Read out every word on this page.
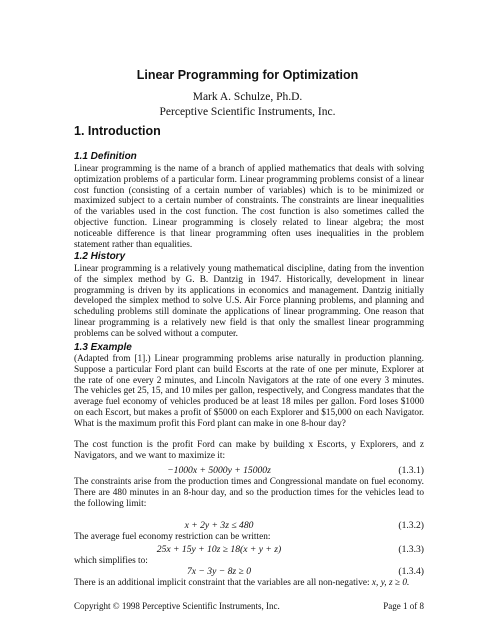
Linear Programming for Optimization
Mark A. Schulze, Ph.D.
Perceptive Scientific Instruments, Inc.
1. Introduction
1.1 Definition
Linear programming is the name of a branch of applied mathematics that deals with solving optimization problems of a particular form. Linear programming problems consist of a linear cost function (consisting of a certain number of variables) which is to be minimized or maximized subject to a certain number of constraints. The constraints are linear inequalities of the variables used in the cost function. The cost function is also sometimes called the objective function. Linear programming is closely related to linear algebra; the most noticeable difference is that linear programming often uses inequalities in the problem statement rather than equalities.
1.2 History
Linear programming is a relatively young mathematical discipline, dating from the invention of the simplex method by G. B. Dantzig in 1947. Historically, development in linear programming is driven by its applications in economics and management. Dantzig initially developed the simplex method to solve U.S. Air Force planning problems, and planning and scheduling problems still dominate the applications of linear programming. One reason that linear programming is a relatively new field is that only the smallest linear programming problems can be solved without a computer.
1.3 Example
(Adapted from [1].) Linear programming problems arise naturally in production planning. Suppose a particular Ford plant can build Escorts at the rate of one per minute, Explorer at the rate of one every 2 minutes, and Lincoln Navigators at the rate of one every 3 minutes. The vehicles get 25, 15, and 10 miles per gallon, respectively, and Congress mandates that the average fuel economy of vehicles produced be at least 18 miles per gallon. Ford loses $1000 on each Escort, but makes a profit of $5000 on each Explorer and $15,000 on each Navigator. What is the maximum profit this Ford plant can make in one 8-hour day?
The cost function is the profit Ford can make by building x Escorts, y Explorers, and z Navigators, and we want to maximize it:
−1000x + 5000y + 15000z	(1.3.1)
The constraints arise from the production times and Congressional mandate on fuel economy. There are 480 minutes in an 8-hour day, and so the production times for the vehicles lead to the following limit:
x + 2y + 3z ≤ 480	(1.3.2)
The average fuel economy restriction can be written:
25x + 15y + 10z ≥ 18(x + y + z)	(1.3.3)
which simplifies to:
7x − 3y − 8z ≥ 0	(1.3.4)
There is an additional implicit constraint that the variables are all non-negative: x, y, z ≥ 0.
Copyright © 1998 Perceptive Scientific Instruments, Inc.	Page 1 of 8
